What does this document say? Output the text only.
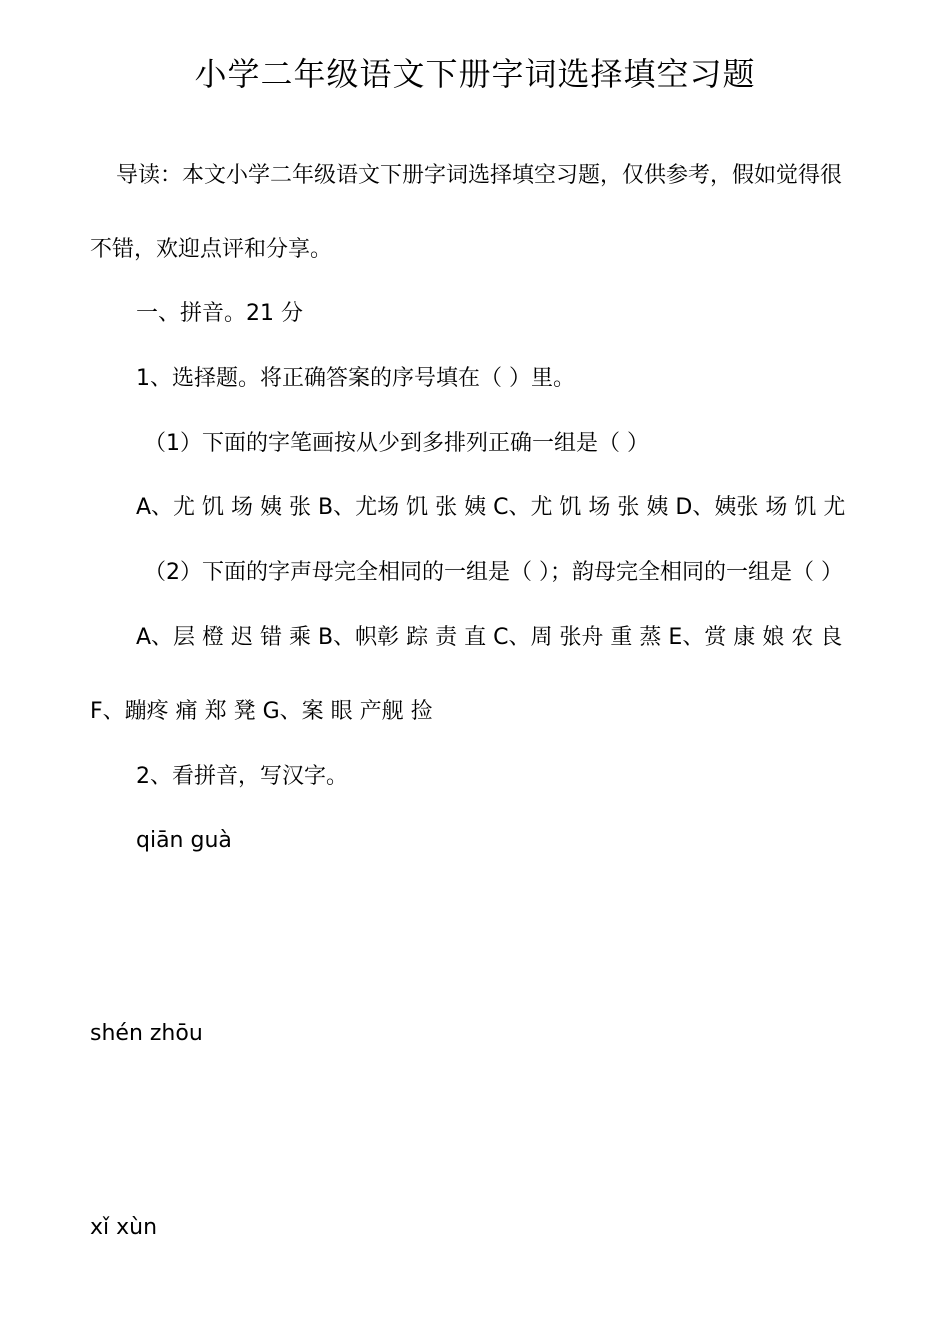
小学二年级语文下册字词选择填空习题
导读：本文小学二年级语文下册字词选择填空习题，仅供参考，假如觉得很
不错，欢迎点评和分享。
一、拼音。21 分
1、选择题。将正确答案的序号填在（ ）里。
（1）下面的字笔画按从少到多排列正确一组是（ ）
A、尤 饥 场 姨 张 B、尤场 饥 张 姨 C、尤 饥 场 张 姨 D、姨张 场 饥 尤
（2）下面的字声母完全相同的一组是（ ）；韵母完全相同的一组是（ ）
A、层 橙 迟 错 乘 B、帜彰 踪 责 直 C、周 张舟 重 蒸 E、赏 康 娘 农 良
F、蹦疼 痛 郑 凳 G、案 眼 产舰 捡
2、看拼音，写汉字。
qiān guà
shén zhōu
xǐ xùn
